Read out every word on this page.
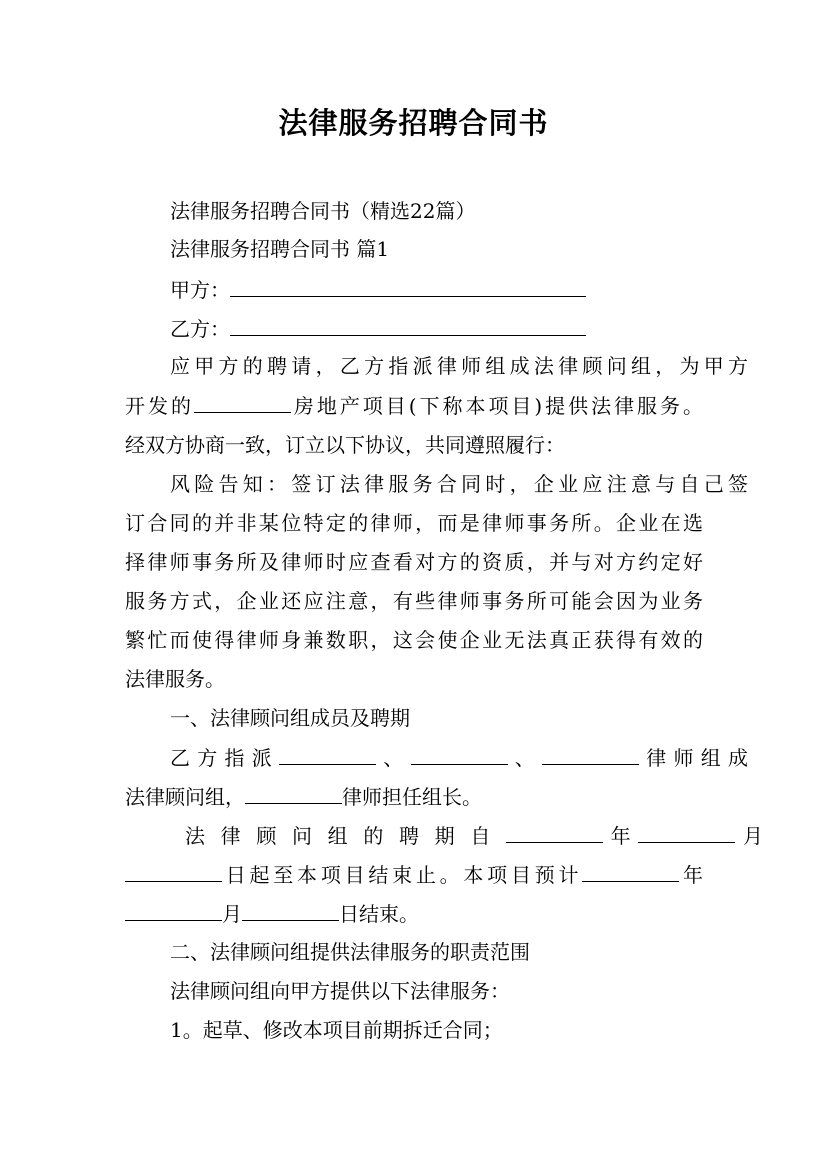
法律服务招聘合同书
法律服务招聘合同书（精选22篇）
法律服务招聘合同书 篇1
甲方：
乙方：
应甲方的聘请，乙方指派律师组成法律顾问组，为甲方
开发的	房地产项目(下称本项目)提供法律服务。
经双方协商一致，订立以下协议，共同遵照履行：
风险告知：签订法律服务合同时，企业应注意与自己签
订合同的并非某位特定的律师，而是律师事务所。企业在选
择律师事务所及律师时应查看对方的资质，并与对方约定好
服务方式，企业还应注意，有些律师事务所可能会因为业务
繁忙而使得律师身兼数职，这会使企业无法真正获得有效的
法律服务。
一、法律顾问组成员及聘期
乙方指派	、	、	律师组成
法律顾问组，	律师担任组长。
法律顾问组的聘期自	年	月
日起至本项目结束止。本项目预计	年
月	日结束。
二、法律顾问组提供法律服务的职责范围
法律顾问组向甲方提供以下法律服务：
1。起草、修改本项目前期拆迁合同；
